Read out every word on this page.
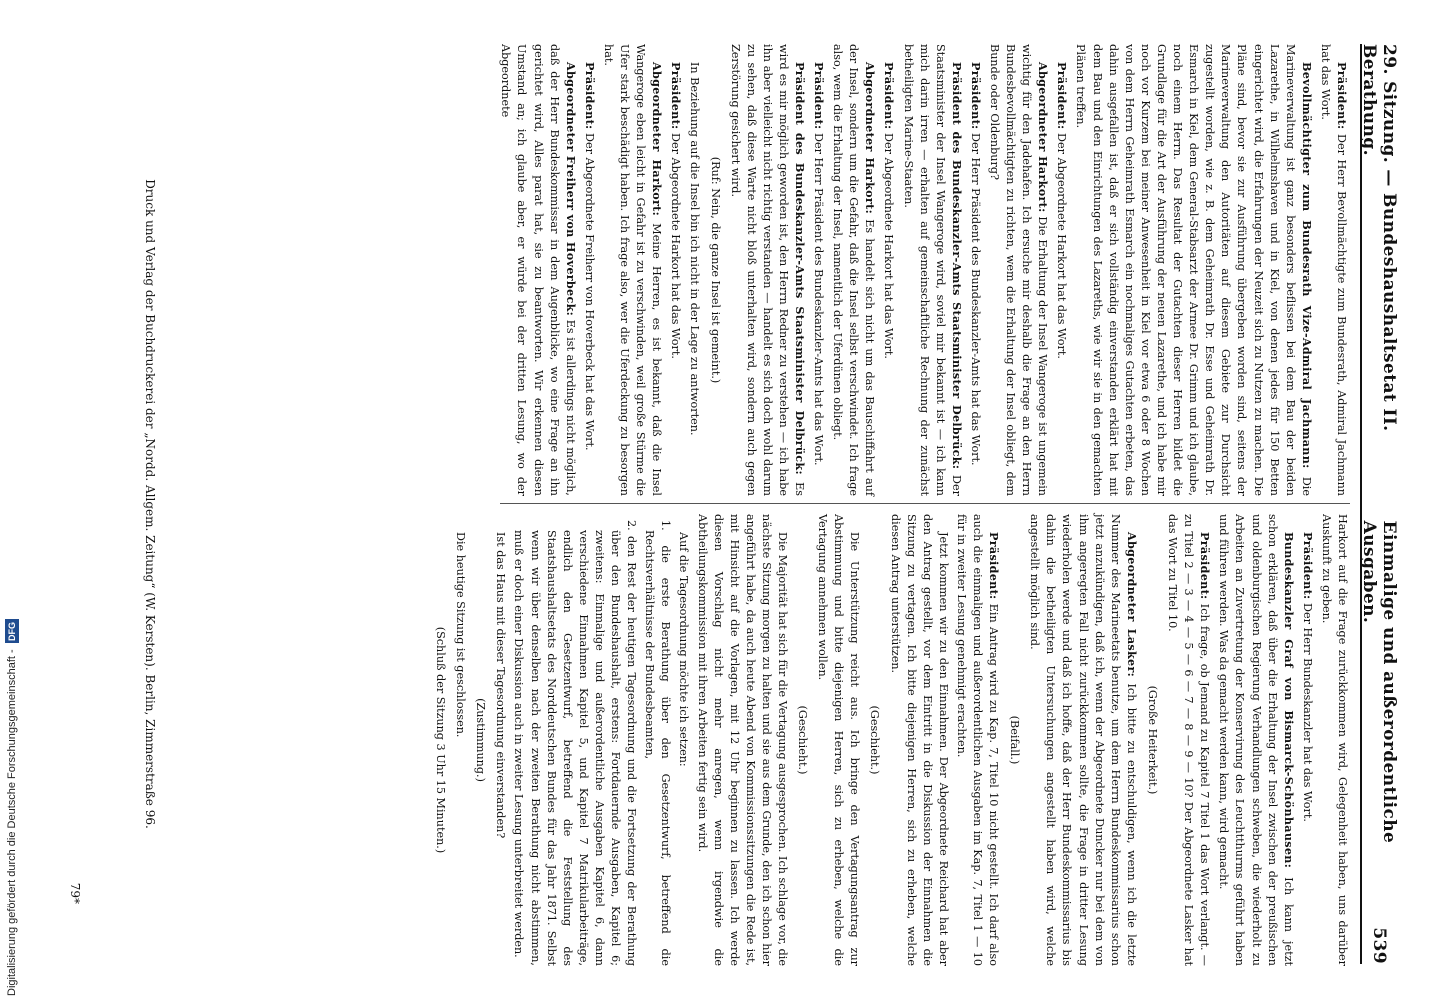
29. Sitzung. — Bundeshaushaltsetat II. Berathung.
Einmalige und außerordentliche Ausgaben.
539

Präsident: Der Herr Bevollmächtigte zum Bundesrath, Admiral Jachmann hat das Wort.

Bevollmächtigter zum Bundesrath Vize-Admiral Jachmann: Die Marineverwaltung ist ganz besonders beflissen bei dem Bau der beiden Lazarethe, in Wilhelmshaven und in Kiel, von denen jedes für 150 Betten eingerichtet wird, die Erfahrungen der Neuzeit sich zu Nutzen zu machen. Die Pläne sind, bevor sie zur Ausführung übergeben worden sind, seitens der Marineverwaltung den Autoritäten auf diesem Gebiete zur Durchsicht zugestellt worden, wie z. B. dem Geheimrath Dr. Esse und Geheimrath Dr. Esmarch in Kiel, dem General-Stabsarzt der Armee Dr. Grimm und ich glaube, noch einem Herrn. Das Resultat der Gutachten dieser Herren bildet die Grundlage für die Art der Ausführung der neuen Lazarethe, und ich habe mir noch vor Kurzem bei meiner Anwesenheit in Kiel vor etwa 6 oder 8 Wochen von dem Herrn Geheimrath Esmarch ein nochmaliges Gutachten erbeten, das dahin ausgefallen ist, daß er sich vollständig einverstanden erklärt hat mit dem Bau und den Einrichtungen des Lazareths, wie wir sie in den gemachten Plänen treffen.

Präsident: Der Abgeordnete Harkort hat das Wort.

Abgeordneter Harkort: Die Erhaltung der Insel Wangeroge ist ungemein wichtig für den Jadehafen. Ich ersuche mir deshalb die Frage an den Herrn Bundesbevollmächtigten zu richten, wem die Erhaltung der Insel obliegt, dem Bunde oder Oldenburg?

Präsident: Der Herr Präsident des Bundeskanzler-Amts hat das Wort.

Präsident des Bundeskanzler-Amts Staatsminister Delbrück: Der Staatsminister der Insel Wangeroge wird, soviel mir bekannt ist — ich kann mich darin irren — erhalten auf gemeinschaftliche Rechnung der zunächst betheiligten Marine-Staaten.

Präsident: Der Abgeordnete Harkort hat das Wort.

Abgeordneter Harkort: Es handelt sich nicht um das Bauschiffahrt auf der Insel, sondern um die Gefahr, daß die Insel selbst verschwindet. Ich frage also, wem die Erhaltung der Insel, namentlich der Uferdünen obliegt.

Präsident: Der Herr Präsident des Bundeskanzler-Amts hat das Wort.

Präsident des Bundeskanzler-Amts Staatsminister Delbrück: Es wird es mir möglich geworden ist, den Herrn Redner zu verstehen — ich habe ihn aber vielleicht nicht richtig verstanden — handelt es sich doch wohl darum zu sehen, daß diese Warte nicht bloß unterhalten wird, sondern auch gegen Zerstörung gesichert wird.

(Ruf: Nein, die ganze Insel ist gemeint.)

In Beziehung auf die Insel bin ich nicht in der Lage zu antworten.

Präsident: Der Abgeordnete Harkort hat das Wort.

Abgeordneter Harkort: Meine Herren, es ist bekannt, daß die Insel Wangeroge eben leicht in Gefahr ist zu verschwinden, weil große Stürme die Ufer stark beschädigt haben. Ich frage also, wer die Uferdeckung zu besorgen hat.

Präsident: Der Abgeordnete Freiherr von Hoverbeck hat das Wort.

Abgeordneter Freiherr von Hoverbeck: Es ist allerdings nicht möglich, daß der Herr Bundeskommissar in dem Augenblicke, wo eine Frage an ihn gerichtet wird, Alles parat hat, sie zu beantworten. Wir erkennen diesen Umstand an; ich glaube aber, er würde bei der dritten Lesung, wo der Abgeordnete

Harkort auf die Frage zurückkommen wird, Gelegenheit haben, uns darüber Auskunft zu geben.

Präsident: Der Herr Bundeskanzler hat das Wort.

Bundeskanzler Graf von Bismarck-Schönhausen: Ich kann jetzt schon erklären, daß über die Erhaltung der Insel zwischen der preußischen und oldenburgischen Regierung Verhandlungen schweben, die wiederholt zu Arbeiten an Zuvertretung der Konservirung des Leuchtthurms geführt haben und führen werden. Was da gemacht werden kann, wird gemacht.

Präsident: Ich frage, ob Jemand zu Kapitel 7 Titel 1 das Wort verlangt. — zu Titel 2 — 3 — 4 — 5 — 6 — 7 — 8 — 9 — 10? Der Abgeordnete Lasker hat das Wort zu Titel 10.

(Große Heiterkeit.)

Abgeordneter Lasker: Ich bitte zu entschuldigen, wenn ich die letzte Nummer des Marineetats benutze, um dem Herrn Bundeskommissarius schon jetzt anzukündigen, daß ich, wenn der Abgeordnete Duncker nur bei dem von ihm angeregten Fall nicht zurückkommen sollte, die Frage in dritter Lesung wiederholen werde und daß ich hoffe, daß der Herr Bundeskommissarius bis dahin die betheiligten Untersuchungen angestellt haben wird, welche angestellt möglich sind.

(Beifall.)

Präsident: Ein Antrag wird zu Kap. 7, Titel 10 nicht gestellt. Ich darf also auch die einmaligen und außerordentlichen Ausgaben im Kap. 7, Titel 1 — 10 für in zweiter Lesung genehmigt erachten.

Jetzt kommen wir zu den Einnahmen. Der Abgeordnete Reichard hat aber den Antrag gestellt, vor dem Eintritt in die Diskussion der Einnahmen die Sitzung zu vertagen. Ich bitte diejenigen Herren, sich zu erheben, welche diesen Antrag unterstützen.

(Geschieht.)

Die Unterstützung reicht aus. Ich bringe den Vertagungsantrag zur Abstimmung und bitte diejenigen Herren, sich zu erheben, welche die Vertagung annehmen wollen.

(Geschieht.)

Die Majorität hat sich für die Vertagung ausgesprochen. Ich schlage vor, die nächste Sitzung morgen zu halten und sie aus dem Grunde, den ich schon hier angeführt habe, da auch heute Abend von Kommissionssitzungen die Rede ist, mit Hinsicht auf die Vorlagen, mit 12 Uhr beginnen zu lassen. Ich werde diesen Vorschlag nicht mehr anregen, wenn irgendwie die Abtheilungskommission mit ihren Arbeiten fertig sein wird.

Auf die Tagesordnung möchte ich setzen:

1. die erste Berathung über den Gesetzentwurf, betreffend die Rechtsverhältnisse der Bundesbeamten,

2. den Rest der heutigen Tagesordnung und die Fortsetzung der Berathung über den Bundeshaushalt, erstens: Fortdauernde Ausgaben, Kapitel 6; zweitens: Einmalige und außerordentliche Ausgaben Kapitel 6, dann verschiedene Einnahmen Kapitel 5, und Kapitel 7 Matrikularbeiträge, endlich den Gesetzentwurf, betreffend die Feststellung des Staatshaushaltsetats des Norddeutschen Bundes für das Jahr 1871. Selbst wenn wir über denselben nach der zweiten Berathung nicht abstimmen, muß er doch einer Diskussion auch in zweiter Lesung unterbreitet werden.

Ist das Haus mit dieser Tagesordnung einverstanden?

(Zustimmung.)

Die heutige Sitzung ist geschlossen.

(Schluß der Sitzung 3 Uhr 15 Minuten.)

Druck und Verlag der Buchdruckerei der „Nordd. Allgem. Zeitung“ (W. Kersten). Berlin, Zimmerstraße 96.
79*
Digitalisierung gefördert durch die Deutsche Forschungsgemeinschaft -
DFG
